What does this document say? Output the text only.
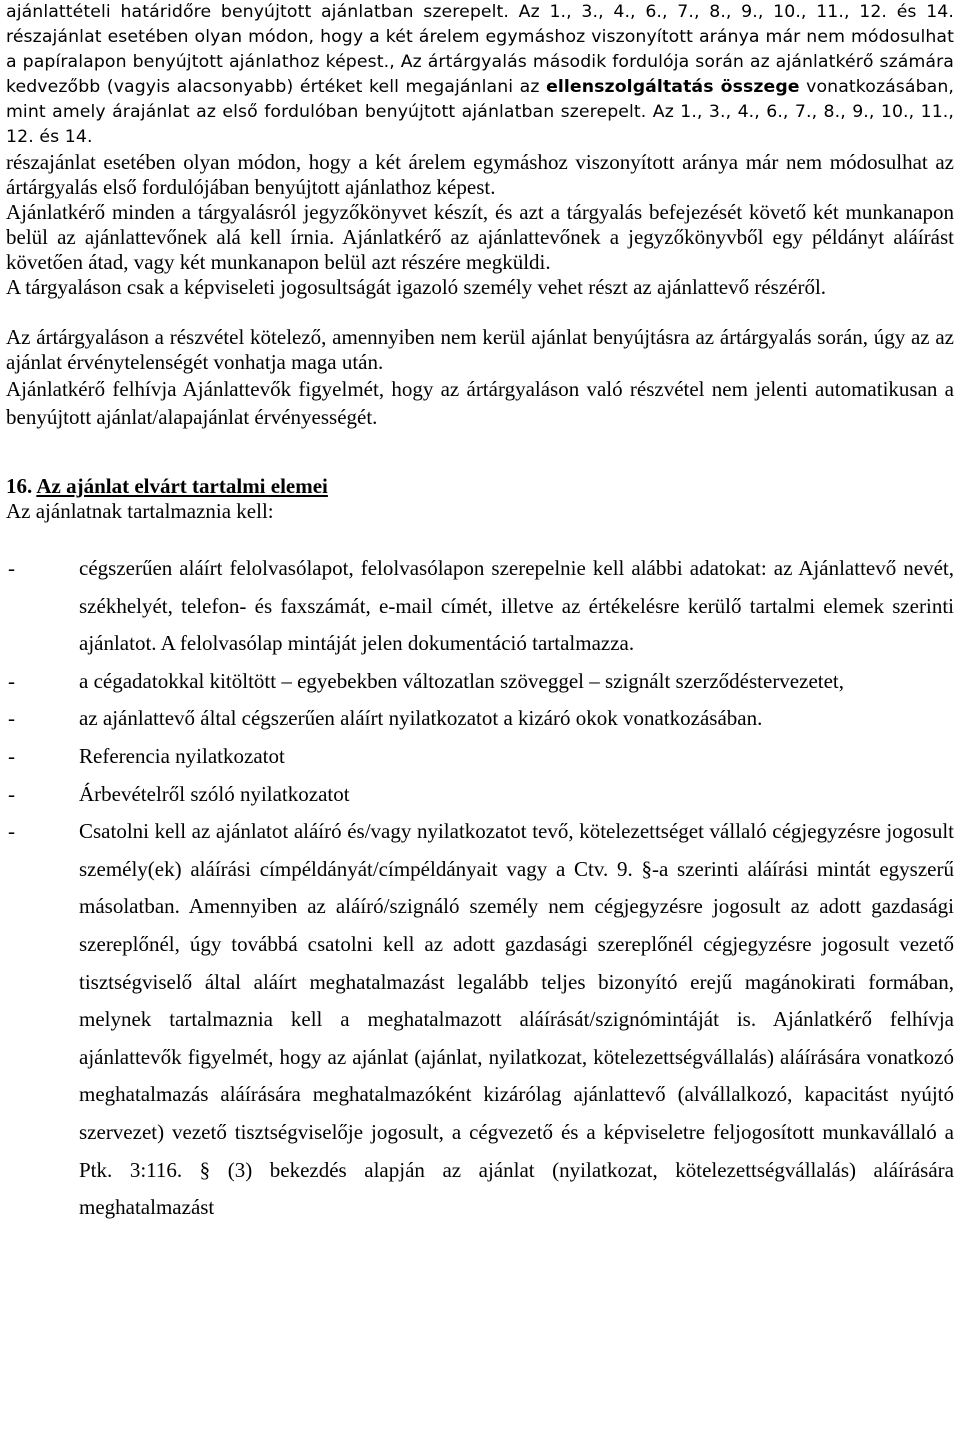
ajánlattételi határidőre benyújtott ajánlatban szerepelt. Az 1., 3., 4., 6., 7., 8., 9., 10., 11., 12. és 14. részajánlat esetében olyan módon, hogy a két árelem egymáshoz viszonyított aránya már nem módosulhat a papíralapon benyújtott ajánlathoz képest., Az ártárgyalás második fordulója során az ajánlatkérő számára kedvezőbb (vagyis alacsonyabb) értéket kell megajánlani az ellenszolgáltatás összege vonatkozásában, mint amely árajánlat az első fordulóban benyújtott ajánlatban szerepelt. Az 1., 3., 4., 6., 7., 8., 9., 10., 11., 12. és 14.

részajánlat esetében olyan módon, hogy a két árelem egymáshoz viszonyított aránya már nem módosulhat az ártárgyalás első fordulójában benyújtott ajánlathoz képest.

Ajánlatkérő minden a tárgyalásról jegyzőkönyvet készít, és azt a tárgyalás befejezését követő két munkanapon belül az ajánlattevőnek alá kell írnia. Ajánlatkérő az ajánlattevőnek a jegyzőkönyvből egy példányt aláírást követően átad, vagy két munkanapon belül azt részére megküldi.

A tárgyaláson csak a képviseleti jogosultságát igazoló személy vehet részt az ajánlattevő részéről.

Az ártárgyaláson a részvétel kötelező, amennyiben nem kerül ajánlat benyújtásra az ártárgyalás során, úgy az az ajánlat érvénytelenségét vonhatja maga után.

Ajánlatkérő felhívja Ajánlattevők figyelmét, hogy az ártárgyaláson való részvétel nem jelenti automatikusan a benyújtott ajánlat/alapajánlat érvényességét.

16. Az ajánlat elvárt tartalmi elemei

Az ajánlatnak tartalmaznia kell:

-	cégszerűen aláírt felolvasólapot, felolvasólapon szerepelnie kell alábbi adatokat: az Ajánlattevő nevét, székhelyét, telefon- és faxszámát, e-mail címét, illetve az értékelésre kerülő tartalmi elemek szerinti ajánlatot. A felolvasólap mintáját jelen dokumentáció tartalmazza.
-	a cégadatokkal kitöltött – egyebekben változatlan szöveggel – szignált szerződéstervezetet,
-	az ajánlattevő által cégszerűen aláírt nyilatkozatot a kizáró okok vonatkozásában.
-	Referencia nyilatkozatot
-	Árbevételről szóló nyilatkozatot
-	Csatolni kell az ajánlatot aláíró és/vagy nyilatkozatot tevő, kötelezettséget vállaló cégjegyzésre jogosult személy(ek) aláírási címpéldányát/címpéldányait vagy a Ctv. 9. §-a szerinti aláírási mintát egyszerű másolatban. Amennyiben az aláíró/szignáló személy nem cégjegyzésre jogosult az adott gazdasági szereplőnél, úgy továbbá csatolni kell az adott gazdasági szereplőnél cégjegyzésre jogosult vezető tisztségviselő által aláírt meghatalmazást legalább teljes bizonyító erejű magánokirati formában, melynek tartalmaznia kell a meghatalmazott aláírását/szignómintáját is. Ajánlatkérő felhívja ajánlattevők figyelmét, hogy az ajánlat (ajánlat, nyilatkozat, kötelezettségvállalás) aláírására vonatkozó meghatalmazás aláírására meghatalmazóként kizárólag ajánlattevő (alvállalkozó, kapacitást nyújtó szervezet) vezető tisztségviselője jogosult, a cégvezető és a képviseletre feljogosított munkavállaló a Ptk. 3:116. § (3) bekezdés alapján az ajánlat (nyilatkozat, kötelezettségvállalás) aláírására meghatalmazást
